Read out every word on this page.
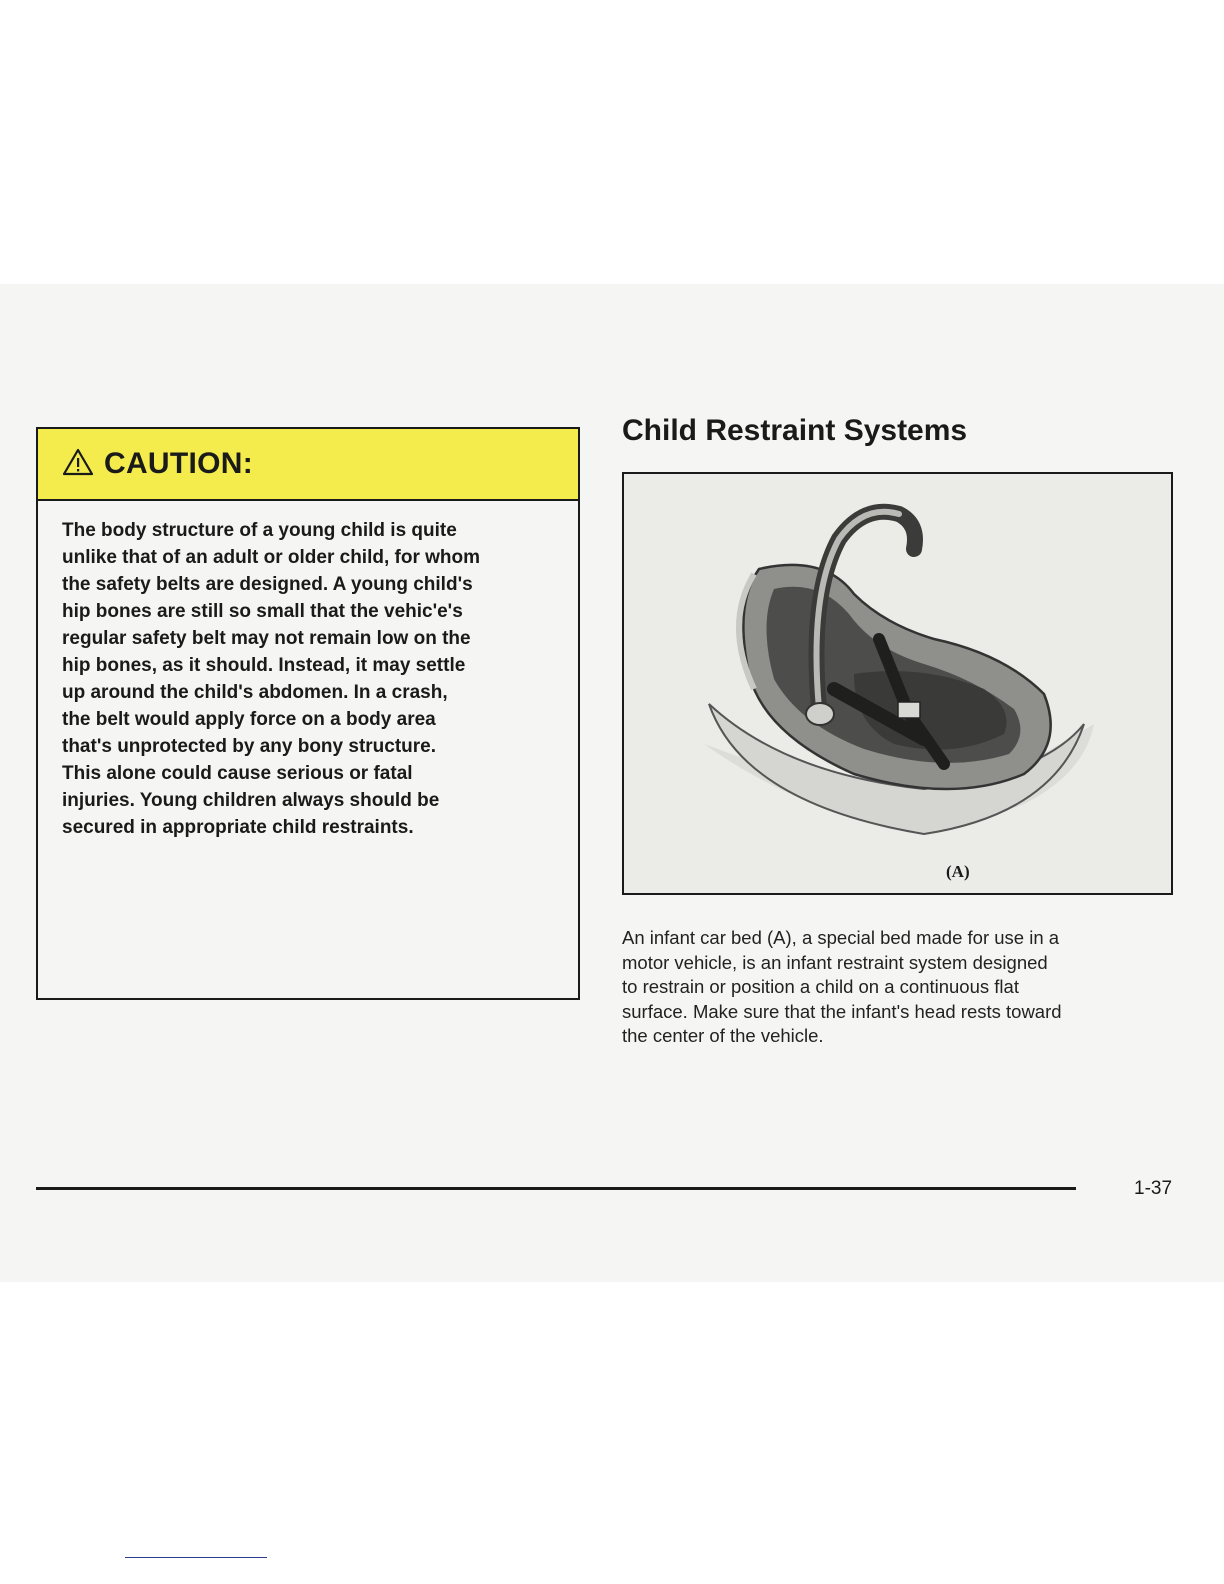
CAUTION:
The body structure of a young child is quite
unlike that of an adult or older child, for whom
the safety belts are designed. A young child's
hip bones are still so small that the vehic'e's
regular safety belt may not remain low on the
hip bones, as it should. Instead, it may settle
up around the child's abdomen. In a crash,
the belt would apply force on a body area
that's unprotected by any bony structure.
This alone could cause serious or fatal
injuries. Young children always should be
secured in appropriate child restraints.
Child Restraint Systems
(A)
An infant car bed (A), a special bed made for use in a
motor vehicle, is an infant restraint system designed
to restrain or position a child on a continuous flat
surface. Make sure that the infant's head rests toward
the center of the vehicle.
1-37
